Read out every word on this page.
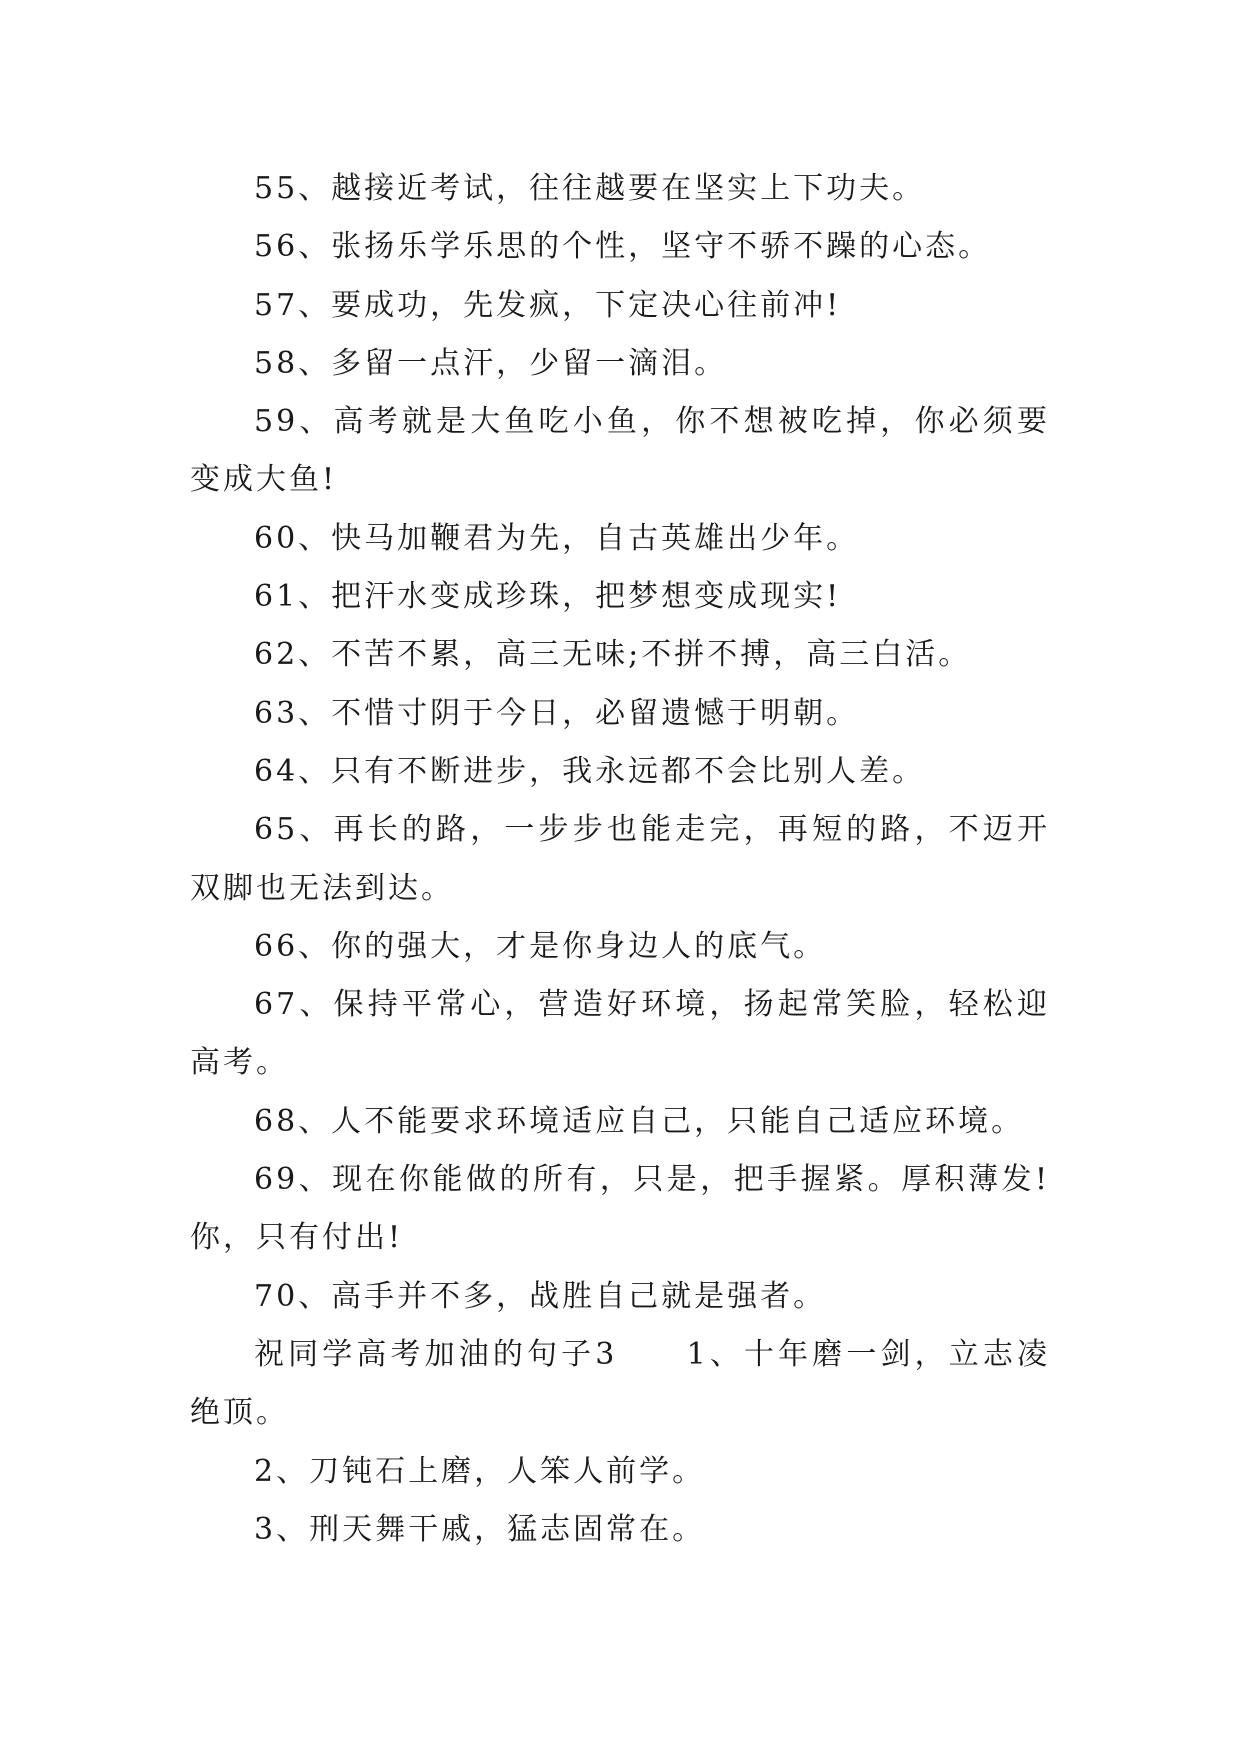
55、越接近考试，往往越要在坚实上下功夫。

56、张扬乐学乐思的个性，坚守不骄不躁的心态。

57、要成功，先发疯，下定决心往前冲!

58、多留一点汗，少留一滴泪。

59、高考就是大鱼吃小鱼，你不想被吃掉，你必须要变成大鱼!

60、快马加鞭君为先，自古英雄出少年。

61、把汗水变成珍珠，把梦想变成现实!

62、不苦不累，高三无味;不拼不搏，高三白活。

63、不惜寸阴于今日，必留遗憾于明朝。

64、只有不断进步，我永远都不会比别人差。

65、再长的路，一步步也能走完，再短的路，不迈开双脚也无法到达。

66、你的强大，才是你身边人的底气。

67、保持平常心，营造好环境，扬起常笑脸，轻松迎高考。

68、人不能要求环境适应自己，只能自己适应环境。

69、现在你能做的所有，只是，把手握紧。厚积薄发!你，只有付出!

70、高手并不多，战胜自己就是强者。

祝同学高考加油的句子3　　1、十年磨一剑，立志凌绝顶。

2、刀钝石上磨，人笨人前学。

3、刑天舞干戚，猛志固常在。
